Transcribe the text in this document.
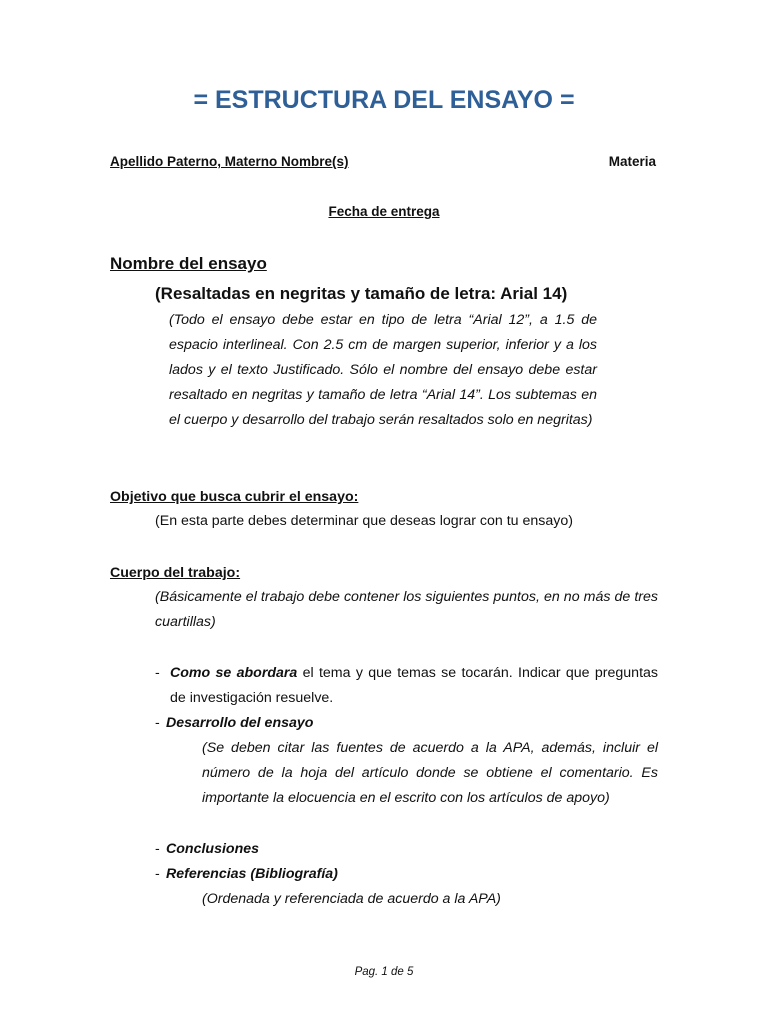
= ESTRUCTURA DEL ENSAYO =
Apellido Paterno, Materno Nombre(s)	Materia
Fecha de entrega
Nombre del ensayo
(Resaltadas en negritas y tamaño de letra: Arial 14)
(Todo el ensayo debe estar en tipo de letra “Arial 12”, a 1.5 de espacio interlineal. Con 2.5 cm de margen superior, inferior y a los lados y el texto Justificado. Sólo el nombre del ensayo debe estar resaltado en negritas y tamaño de letra “Arial 14”. Los subtemas en el cuerpo y desarrollo del trabajo serán resaltados solo en negritas)
Objetivo que busca cubrir el ensayo:
(En esta parte debes determinar que deseas lograr con tu ensayo)
Cuerpo del trabajo:
(Básicamente el trabajo debe contener los siguientes puntos, en no más de tres cuartillas)
- Como se abordara el tema y que temas se tocarán. Indicar que preguntas de investigación resuelve.
- Desarrollo del ensayo
(Se deben citar las fuentes de acuerdo a la APA, además, incluir el número de la hoja del artículo donde se obtiene el comentario. Es importante la elocuencia en el escrito con los artículos de apoyo)
- Conclusiones
- Referencias (Bibliografía)
(Ordenada y referenciada de acuerdo a la APA)
Pag. 1 de 5
